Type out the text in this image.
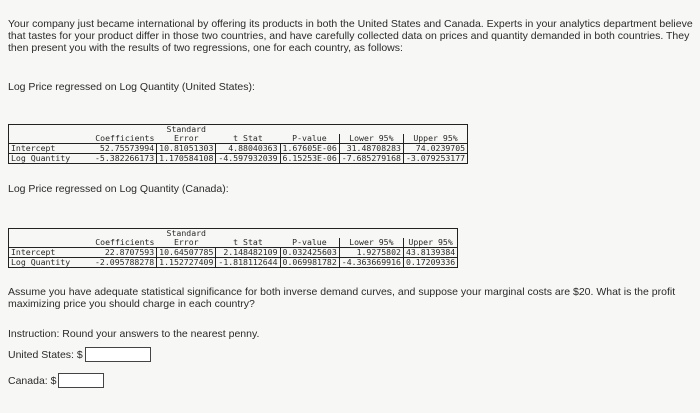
Your company just became international by offering its products in both the United States and Canada. Experts in your analytics department believe that tastes for your product differ in those two countries, and have carefully collected data on prices and quantity demanded in both countries. They then present you with the results of two regressions, one for each country, as follows:
Log Price regressed on Log Quantity (United States):
		Standard				
	Coefficients	Error	t Stat	P-value	Lower 95%	Upper 95%
Intercept	52.75573994	10.81051303	4.88040363	1.67605E-06	31.48708283	74.0239705
Log Quantity	-5.382266173	1.170584108	-4.597932039	6.15253E-06	-7.685279168	-3.079253177
Log Price regressed on Log Quantity (Canada):
		Standard				
	Coefficients	Error	t Stat	P-value	Lower 95%	Upper 95%
Intercept	22.8707593	10.64507785	2.148482109	0.032425603	1.9275802	43.8139384
Log Quantity	-2.095788278	1.152727409	-1.818112644	0.069981782	-4.363669916	0.17209336
Assume you have adequate statistical significance for both inverse demand curves, and suppose your marginal costs are $20. What is the profit maximizing price you should charge in each country?
Instruction: Round your answers to the nearest penny.
United States: $
Canada: $
